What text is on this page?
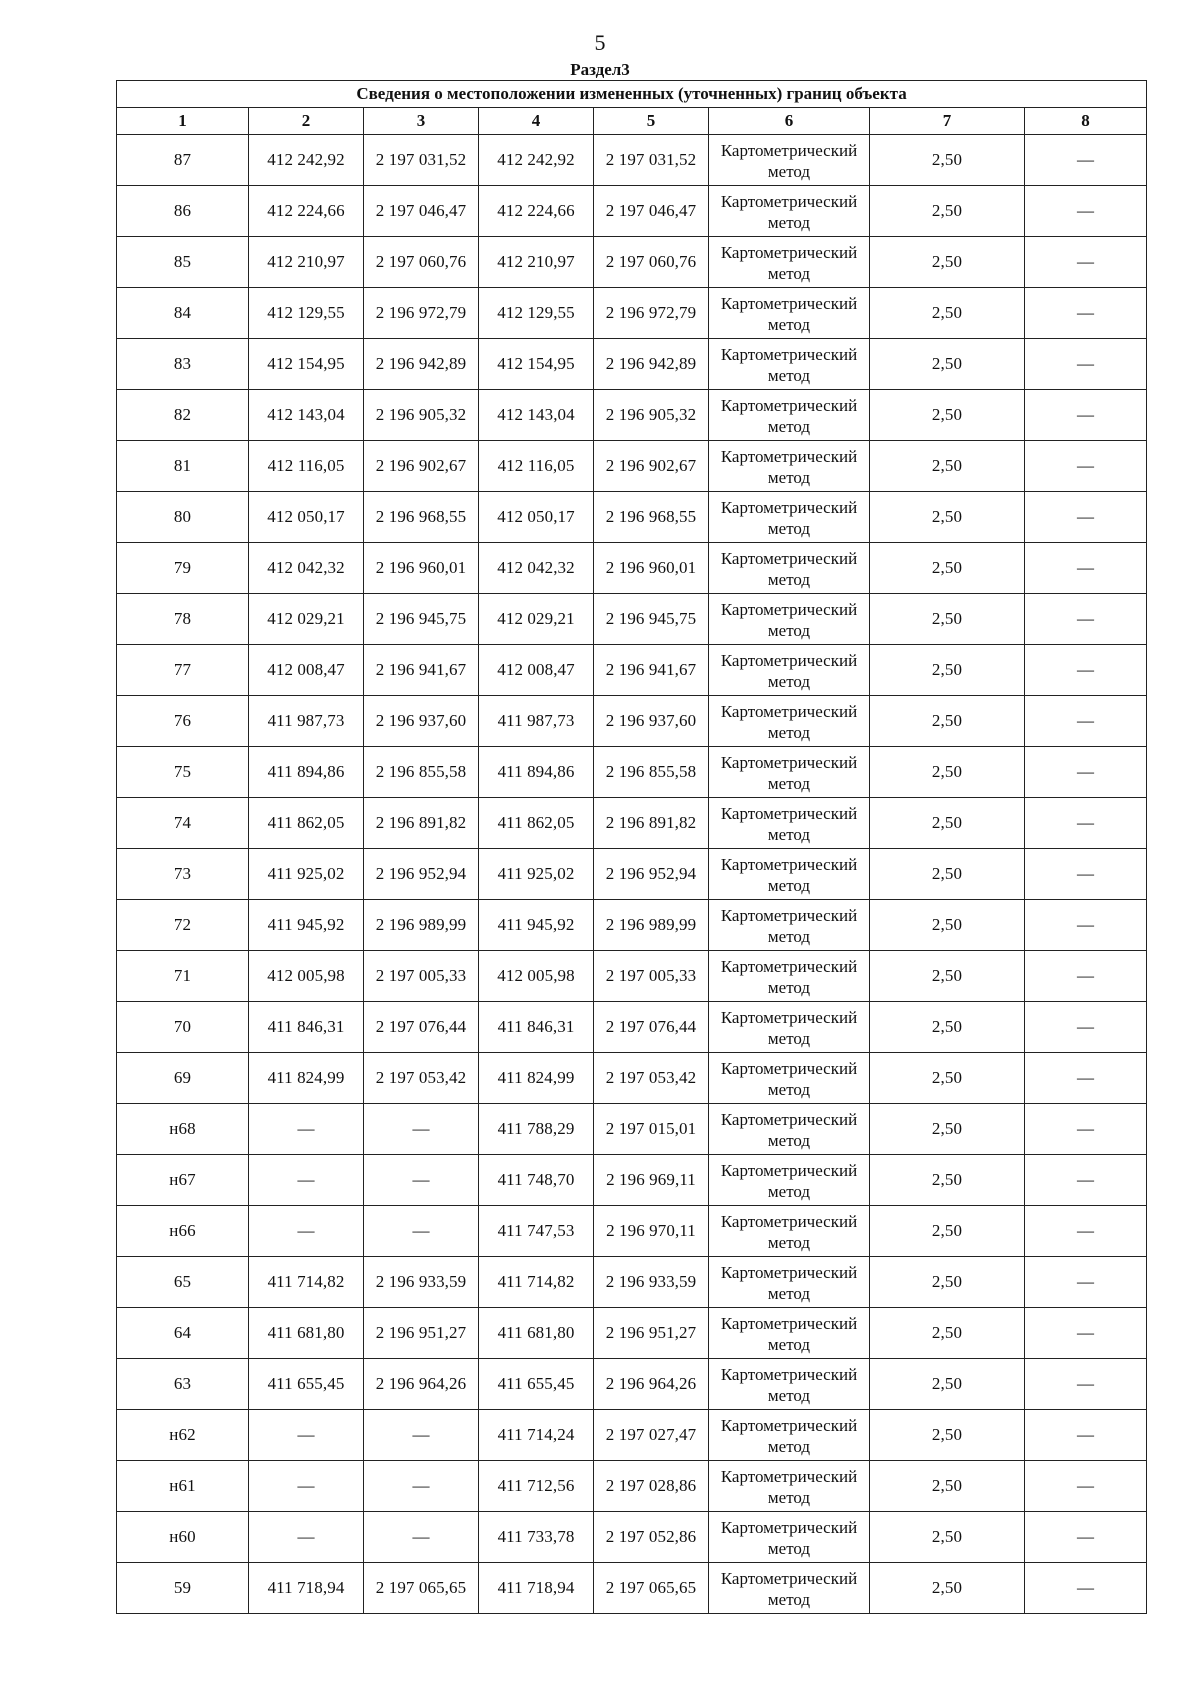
5
Раздел3
Сведения о местоположении измененных (уточненных) границ объекта							
1	2	3	4	5	6	7	8
87	412 242,92	2 197 031,52	412 242,92	2 197 031,52	Картометрический метод	2,50	—
86	412 224,66	2 197 046,47	412 224,66	2 197 046,47	Картометрический метод	2,50	—
85	412 210,97	2 197 060,76	412 210,97	2 197 060,76	Картометрический метод	2,50	—
84	412 129,55	2 196 972,79	412 129,55	2 196 972,79	Картометрический метод	2,50	—
83	412 154,95	2 196 942,89	412 154,95	2 196 942,89	Картометрический метод	2,50	—
82	412 143,04	2 196 905,32	412 143,04	2 196 905,32	Картометрический метод	2,50	—
81	412 116,05	2 196 902,67	412 116,05	2 196 902,67	Картометрический метод	2,50	—
80	412 050,17	2 196 968,55	412 050,17	2 196 968,55	Картометрический метод	2,50	—
79	412 042,32	2 196 960,01	412 042,32	2 196 960,01	Картометрический метод	2,50	—
78	412 029,21	2 196 945,75	412 029,21	2 196 945,75	Картометрический метод	2,50	—
77	412 008,47	2 196 941,67	412 008,47	2 196 941,67	Картометрический метод	2,50	—
76	411 987,73	2 196 937,60	411 987,73	2 196 937,60	Картометрический метод	2,50	—
75	411 894,86	2 196 855,58	411 894,86	2 196 855,58	Картометрический метод	2,50	—
74	411 862,05	2 196 891,82	411 862,05	2 196 891,82	Картометрический метод	2,50	—
73	411 925,02	2 196 952,94	411 925,02	2 196 952,94	Картометрический метод	2,50	—
72	411 945,92	2 196 989,99	411 945,92	2 196 989,99	Картометрический метод	2,50	—
71	412 005,98	2 197 005,33	412 005,98	2 197 005,33	Картометрический метод	2,50	—
70	411 846,31	2 197 076,44	411 846,31	2 197 076,44	Картометрический метод	2,50	—
69	411 824,99	2 197 053,42	411 824,99	2 197 053,42	Картометрический метод	2,50	—
н68	—	—	411 788,29	2 197 015,01	Картометрический метод	2,50	—
н67	—	—	411 748,70	2 196 969,11	Картометрический метод	2,50	—
н66	—	—	411 747,53	2 196 970,11	Картометрический метод	2,50	—
65	411 714,82	2 196 933,59	411 714,82	2 196 933,59	Картометрический метод	2,50	—
64	411 681,80	2 196 951,27	411 681,80	2 196 951,27	Картометрический метод	2,50	—
63	411 655,45	2 196 964,26	411 655,45	2 196 964,26	Картометрический метод	2,50	—
н62	—	—	411 714,24	2 197 027,47	Картометрический метод	2,50	—
н61	—	—	411 712,56	2 197 028,86	Картометрический метод	2,50	—
н60	—	—	411 733,78	2 197 052,86	Картометрический метод	2,50	—
59	411 718,94	2 197 065,65	411 718,94	2 197 065,65	Картометрический метод	2,50	—
